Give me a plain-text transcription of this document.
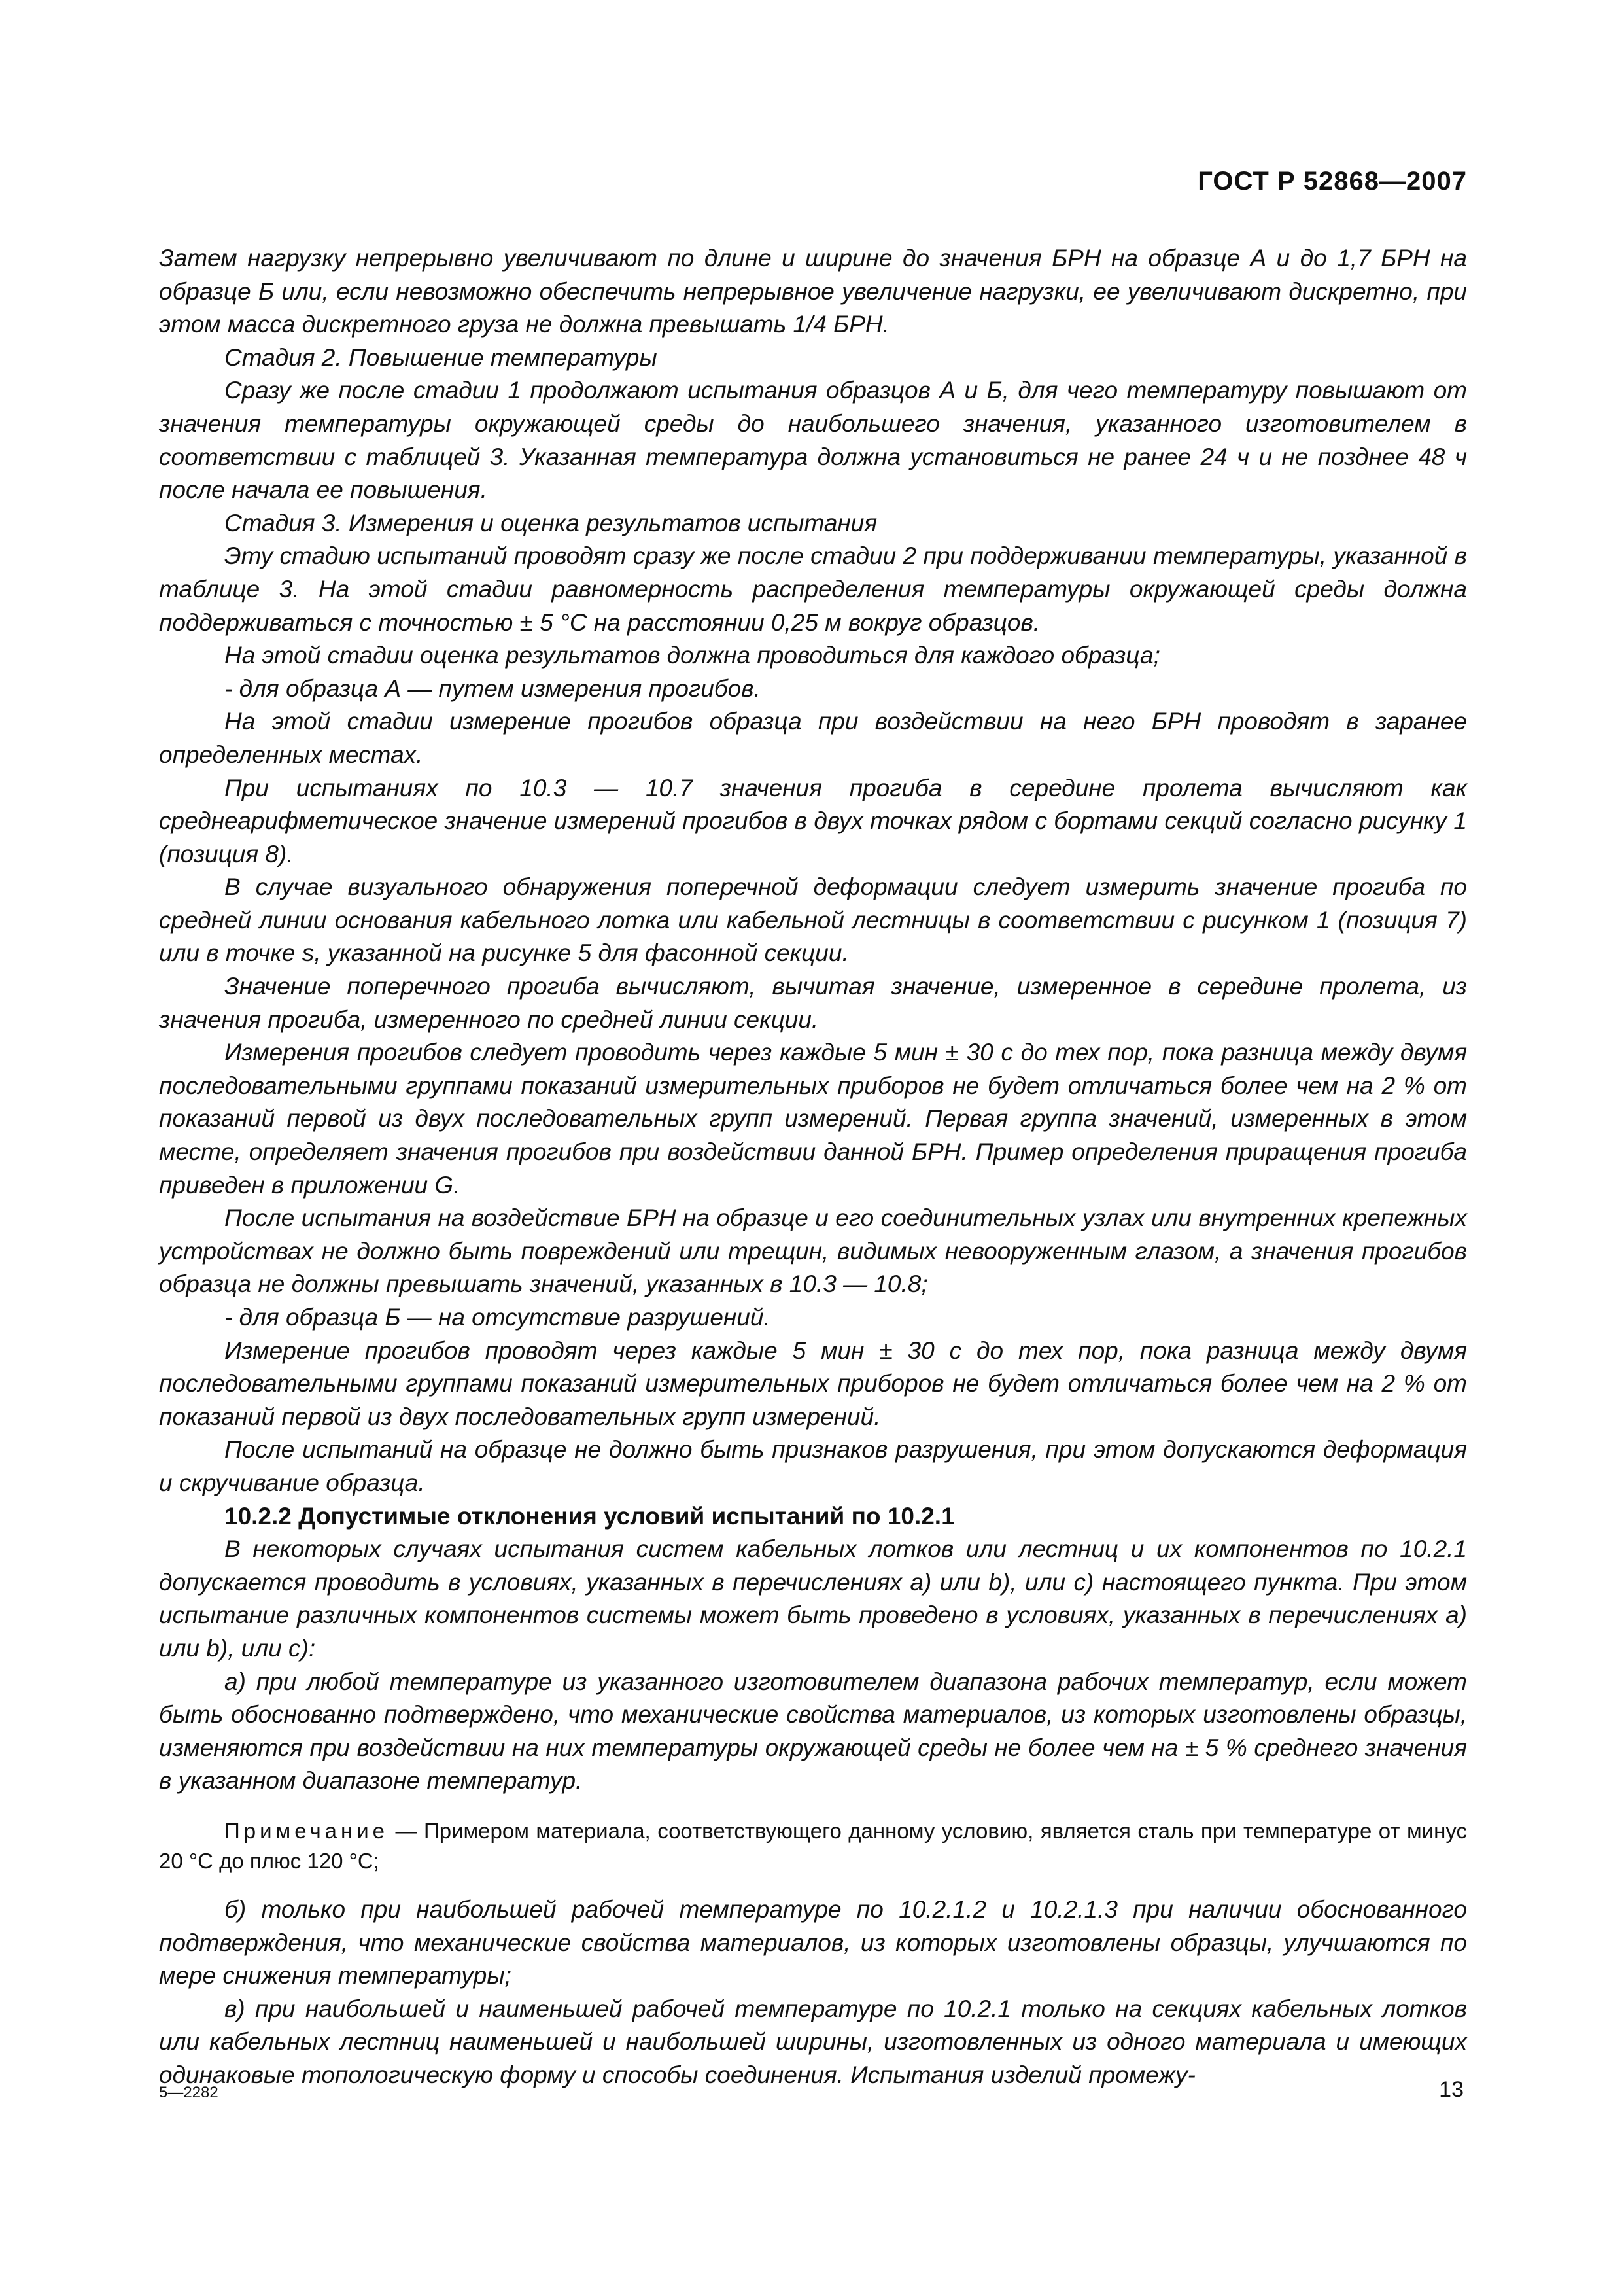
ГОСТ Р 52868—2007

Затем нагрузку непрерывно увеличивают по длине и ширине до значения БРН на образце А и до 1,7 БРН на образце Б или, если невозможно обеспечить непрерывное увеличение нагрузки, ее увеличивают дискретно, при этом масса дискретного груза не должна превышать 1/4 БРН.

Стадия 2. Повышение температуры

Сразу же после стадии 1 продолжают испытания образцов А и Б, для чего температуру повышают от значения температуры окружающей среды до наибольшего значения, указанного изготовителем в соответствии с таблицей 3. Указанная температура должна установиться не ранее 24 ч и не позднее 48 ч после начала ее повышения.

Стадия 3. Измерения и оценка результатов испытания

Эту стадию испытаний проводят сразу же после стадии 2 при поддерживании температуры, указанной в таблице 3. На этой стадии равномерность распределения температуры окружающей среды должна поддерживаться с точностью ± 5 °С на расстоянии 0,25 м вокруг образцов.

На этой стадии оценка результатов должна проводиться для каждого образца;

- для образца А — путем измерения прогибов.

На этой стадии измерение прогибов образца при воздействии на него БРН проводят в заранее определенных местах.

При испытаниях по 10.3 — 10.7 значения прогиба в середине пролета вычисляют как среднеарифметическое значение измерений прогибов в двух точках рядом с бортами секций согласно рисунку 1 (позиция 8).

В случае визуального обнаружения поперечной деформации следует измерить значение прогиба по средней линии основания кабельного лотка или кабельной лестницы в соответствии с рисунком 1 (позиция 7) или в точке s, указанной на рисунке 5 для фасонной секции.

Значение поперечного прогиба вычисляют, вычитая значение, измеренное в середине пролета, из значения прогиба, измеренного по средней линии секции.

Измерения прогибов следует проводить через каждые 5 мин ± 30 с до тех пор, пока разница между двумя последовательными группами показаний измерительных приборов не будет отличаться более чем на 2 % от показаний первой из двух последовательных групп измерений. Первая группа значений, измеренных в этом месте, определяет значения прогибов при воздействии данной БРН. Пример определения приращения прогиба приведен в приложении G.

После испытания на воздействие БРН на образце и его соединительных узлах или внутренних крепежных устройствах не должно быть повреждений или трещин, видимых невооруженным глазом, а значения прогибов образца не должны превышать значений, указанных в 10.3 — 10.8;

- для образца Б — на отсутствие разрушений.

Измерение прогибов проводят через каждые 5 мин ± 30 с до тех пор, пока разница между двумя последовательными группами показаний измерительных приборов не будет отличаться более чем на 2 % от показаний первой из двух последовательных групп измерений.

После испытаний на образце не должно быть признаков разрушения, при этом допускаются деформация и скручивание образца.

10.2.2 Допустимые отклонения условий испытаний по 10.2.1

В некоторых случаях испытания систем кабельных лотков или лестниц и их компонентов по 10.2.1 допускается проводить в условиях, указанных в перечислениях а) или b), или с) настоящего пункта. При этом испытание различных компонентов системы может быть проведено в условиях, указанных в перечислениях а) или b), или с):

а) при любой температуре из указанного изготовителем диапазона рабочих температур, если может быть обоснованно подтверждено, что механические свойства материалов, из которых изготовлены образцы, изменяются при воздействии на них температуры окружающей среды не более чем на ± 5 % среднего значения в указанном диапазоне температур.

Примечание — Примером материала, соответствующего данному условию, является сталь при температуре от минус 20 °С до плюс 120 °С;

б) только при наибольшей рабочей температуре по 10.2.1.2 и 10.2.1.3 при наличии обоснованного подтверждения, что механические свойства материалов, из которых изготовлены образцы, улучшаются по мере снижения температуры;

в) при наибольшей и наименьшей рабочей температуре по 10.2.1 только на секциях кабельных лотков или кабельных лестниц наименьшей и наибольшей ширины, изготовленных из одного материала и имеющих одинаковые топологическую форму и способы соединения. Испытания изделий промежу-

5—2282	13
